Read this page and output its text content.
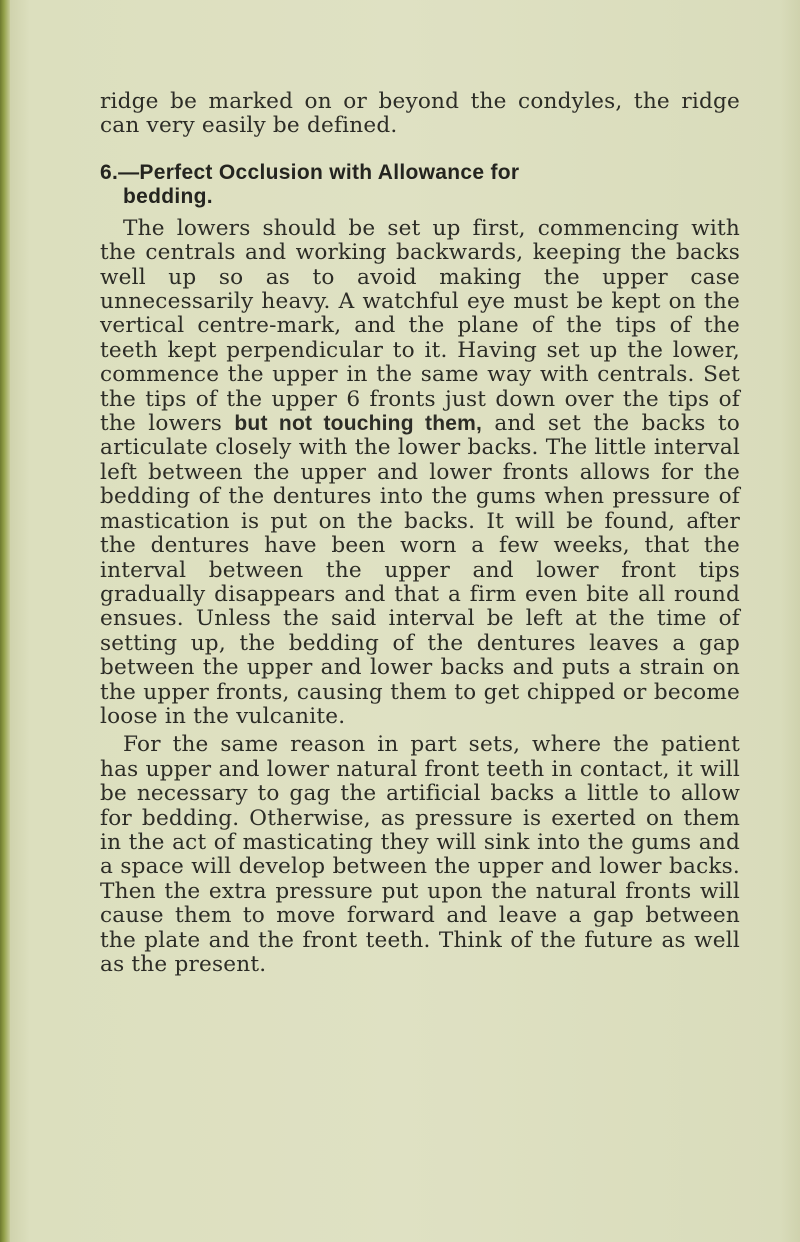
ridge be marked on or beyond the condyles, the ridge can very easily be defined.

6.—Perfect Occlusion with Allowance for
bedding.

The lowers should be set up first, commencing with the centrals and working backwards, keeping the backs well up so as to avoid making the upper case unnecessarily heavy. A watchful eye must be kept on the vertical centre-mark, and the plane of the tips of the teeth kept perpendicular to it. Having set up the lower, commence the upper in the same way with centrals. Set the tips of the upper 6 fronts just down over the tips of the lowers but not touching them, and set the backs to articulate closely with the lower backs. The little interval left between the upper and lower fronts allows for the bedding of the dentures into the gums when pressure of mastication is put on the backs. It will be found, after the dentures have been worn a few weeks, that the interval between the upper and lower front tips gradually disappears and that a firm even bite all round ensues. Unless the said interval be left at the time of setting up, the bedding of the dentures leaves a gap between the upper and lower backs and puts a strain on the upper fronts, causing them to get chipped or become loose in the vulcanite.

For the same reason in part sets, where the patient has upper and lower natural front teeth in contact, it will be necessary to gag the artificial backs a little to allow for bedding. Otherwise, as pressure is exerted on them in the act of masticating they will sink into the gums and a space will develop between the upper and lower backs. Then the extra pressure put upon the natural fronts will cause them to move forward and leave a gap between the plate and the front teeth. Think of the future as well as the present.
